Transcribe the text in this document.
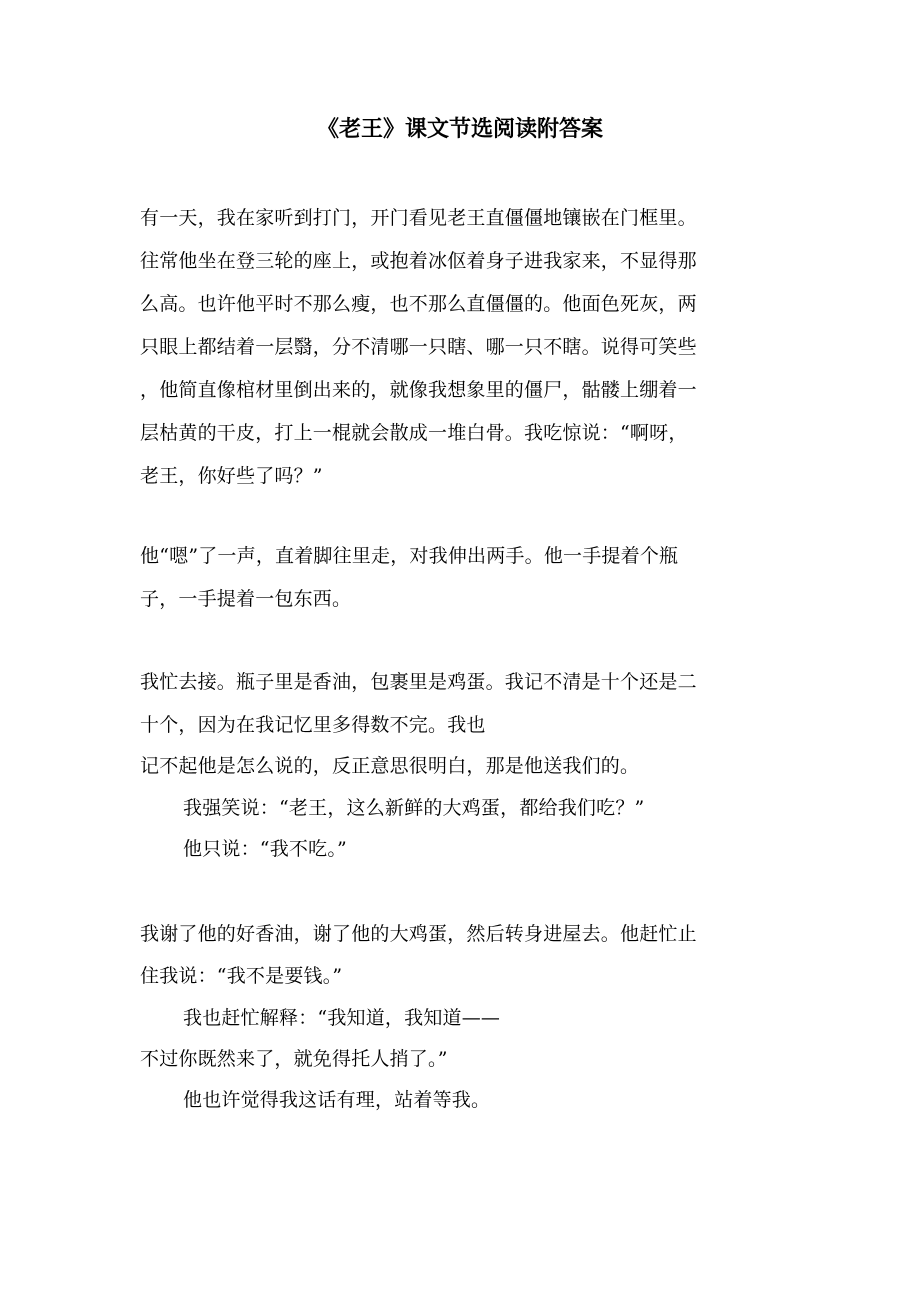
《老王》课文节选阅读附答案
有一天，我在家听到打门，开门看见老王直僵僵地镶嵌在门框里。
往常他坐在登三轮的座上，或抱着冰伛着身子进我家来，不显得那
么高。也许他平时不那么瘦，也不那么直僵僵的。他面色死灰，两
只眼上都结着一层翳，分不清哪一只瞎、哪一只不瞎。说得可笑些
，他简直像棺材里倒出来的，就像我想象里的僵尸，骷髅上绷着一
层枯黄的干皮，打上一棍就会散成一堆白骨。我吃惊说：“啊呀，
老王，你好些了吗？”
他“嗯”了一声，直着脚往里走，对我伸出两手。他一手提着个瓶
子，一手提着一包东西。
我忙去接。瓶子里是香油，包裹里是鸡蛋。我记不清是十个还是二
十个，因为在我记忆里多得数不完。我也
记不起他是怎么说的，反正意思很明白，那是他送我们的。
我强笑说：“老王，这么新鲜的大鸡蛋，都给我们吃？”
他只说：“我不吃。”
我谢了他的好香油，谢了他的大鸡蛋，然后转身进屋去。他赶忙止
住我说：“我不是要钱。”
我也赶忙解释：“我知道，我知道——
不过你既然来了，就免得托人捎了。”
他也许觉得我这话有理，站着等我。
